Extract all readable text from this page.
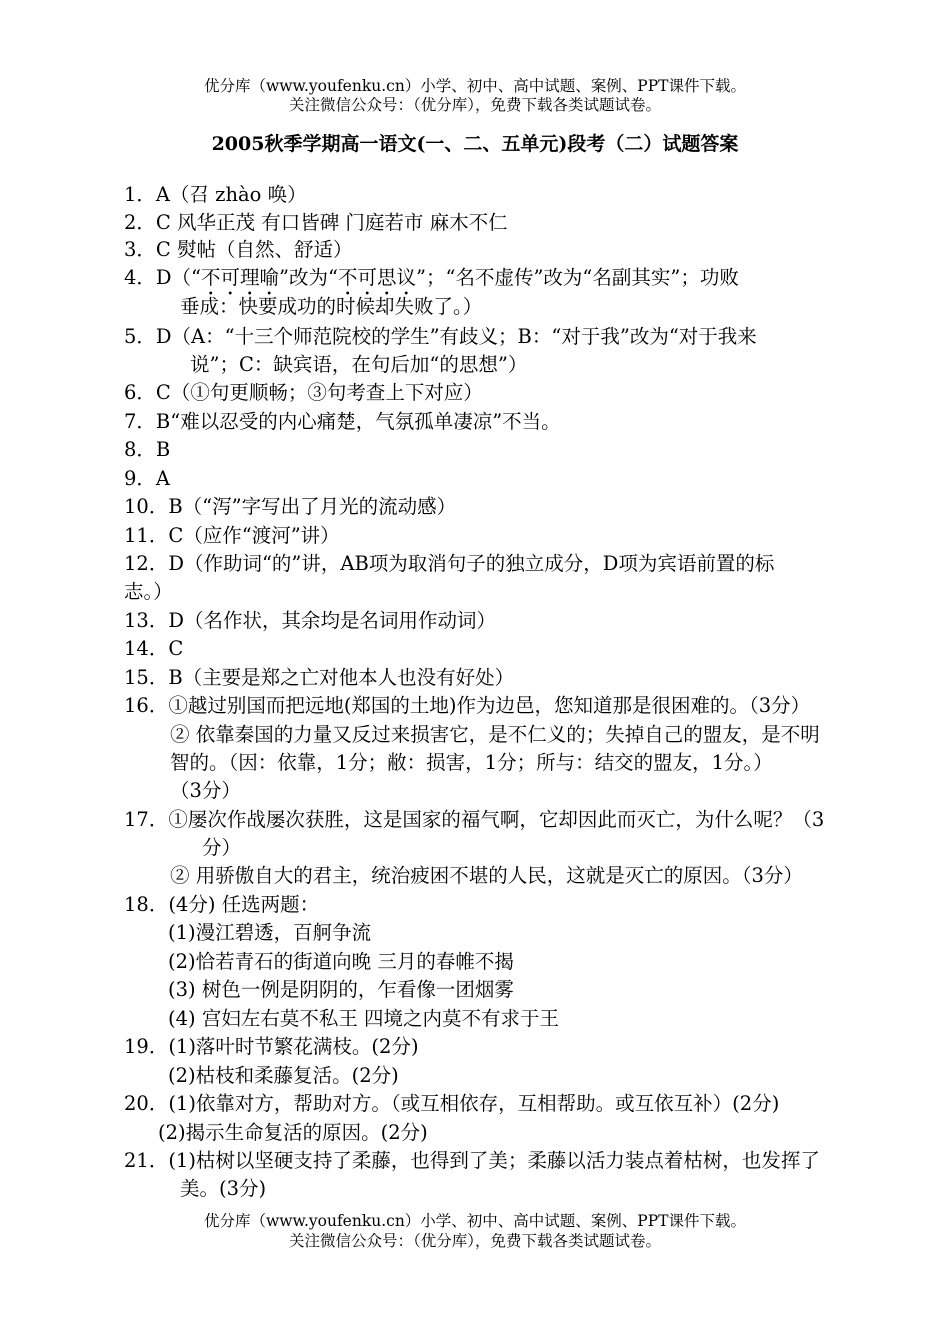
优分库（www.youfenku.cn）小学、初中、高中试题、案例、PPT课件下载。
关注微信公众号：（优分库），免费下载各类试题试卷。
2005秋季学期高一语文(一、二、五单元)段考（二）试题答案
1．A（召 zhào 唤）
2．C 风华正茂 有口皆碑 门庭若市 麻木不仁
3．C 熨帖（自然、舒适）
4．D（“不可理喻”改为“不可思议”；“名不虚传”改为“名副其实”；功败
垂成：快要成功的时候却失败了。）
5．D（A：“十三个师范院校的学生”有歧义；B：“对于我”改为“对于我来
说”；C：缺宾语，在句后加“的思想”）
6．C（①句更顺畅；③句考查上下对应）
7．B“难以忍受的内心痛楚，气氛孤单凄凉”不当。
8．B
9．A
10．B（“泻”字写出了月光的流动感）
11．C（应作“渡河”讲）
12．D（作助词“的”讲，AB项为取消句子的独立成分，D项为宾语前置的标
志。）
13．D（名作状，其余均是名词用作动词）
14．C
15．B（主要是郑之亡对他本人也没有好处）
16．①越过别国而把远地(郑国的土地)作为边邑，您知道那是很困难的。（3分）
② 依靠秦国的力量又反过来损害它，是不仁义的；失掉自己的盟友，是不明
智的。（因：依靠，1分；敝：损害，1分；所与：结交的盟友，1分。）
（3分）
17．①屡次作战屡次获胜，这是国家的福气啊，它却因此而灭亡，为什么呢？（3
分）
② 用骄傲自大的君主，统治疲困不堪的人民，这就是灭亡的原因。（3分）
18．(4分) 任选两题：
(1)漫江碧透，百舸争流
(2)恰若青石的街道向晚 三月的春帷不揭
(3) 树色一例是阴阴的，乍看像一团烟雾
(4) 宫妇左右莫不私王 四境之内莫不有求于王
19．(1)落叶时节繁花满枝。(2分)
(2)枯枝和柔藤复活。(2分)
20．(1)依靠对方，帮助对方。（或互相依存，互相帮助。或互依互补）(2分)
(2)揭示生命复活的原因。(2分)
21．(1)枯树以坚硬支持了柔藤，也得到了美；柔藤以活力装点着枯树，也发挥了
美。(3分)
优分库（www.youfenku.cn）小学、初中、高中试题、案例、PPT课件下载。
关注微信公众号：（优分库），免费下载各类试题试卷。
